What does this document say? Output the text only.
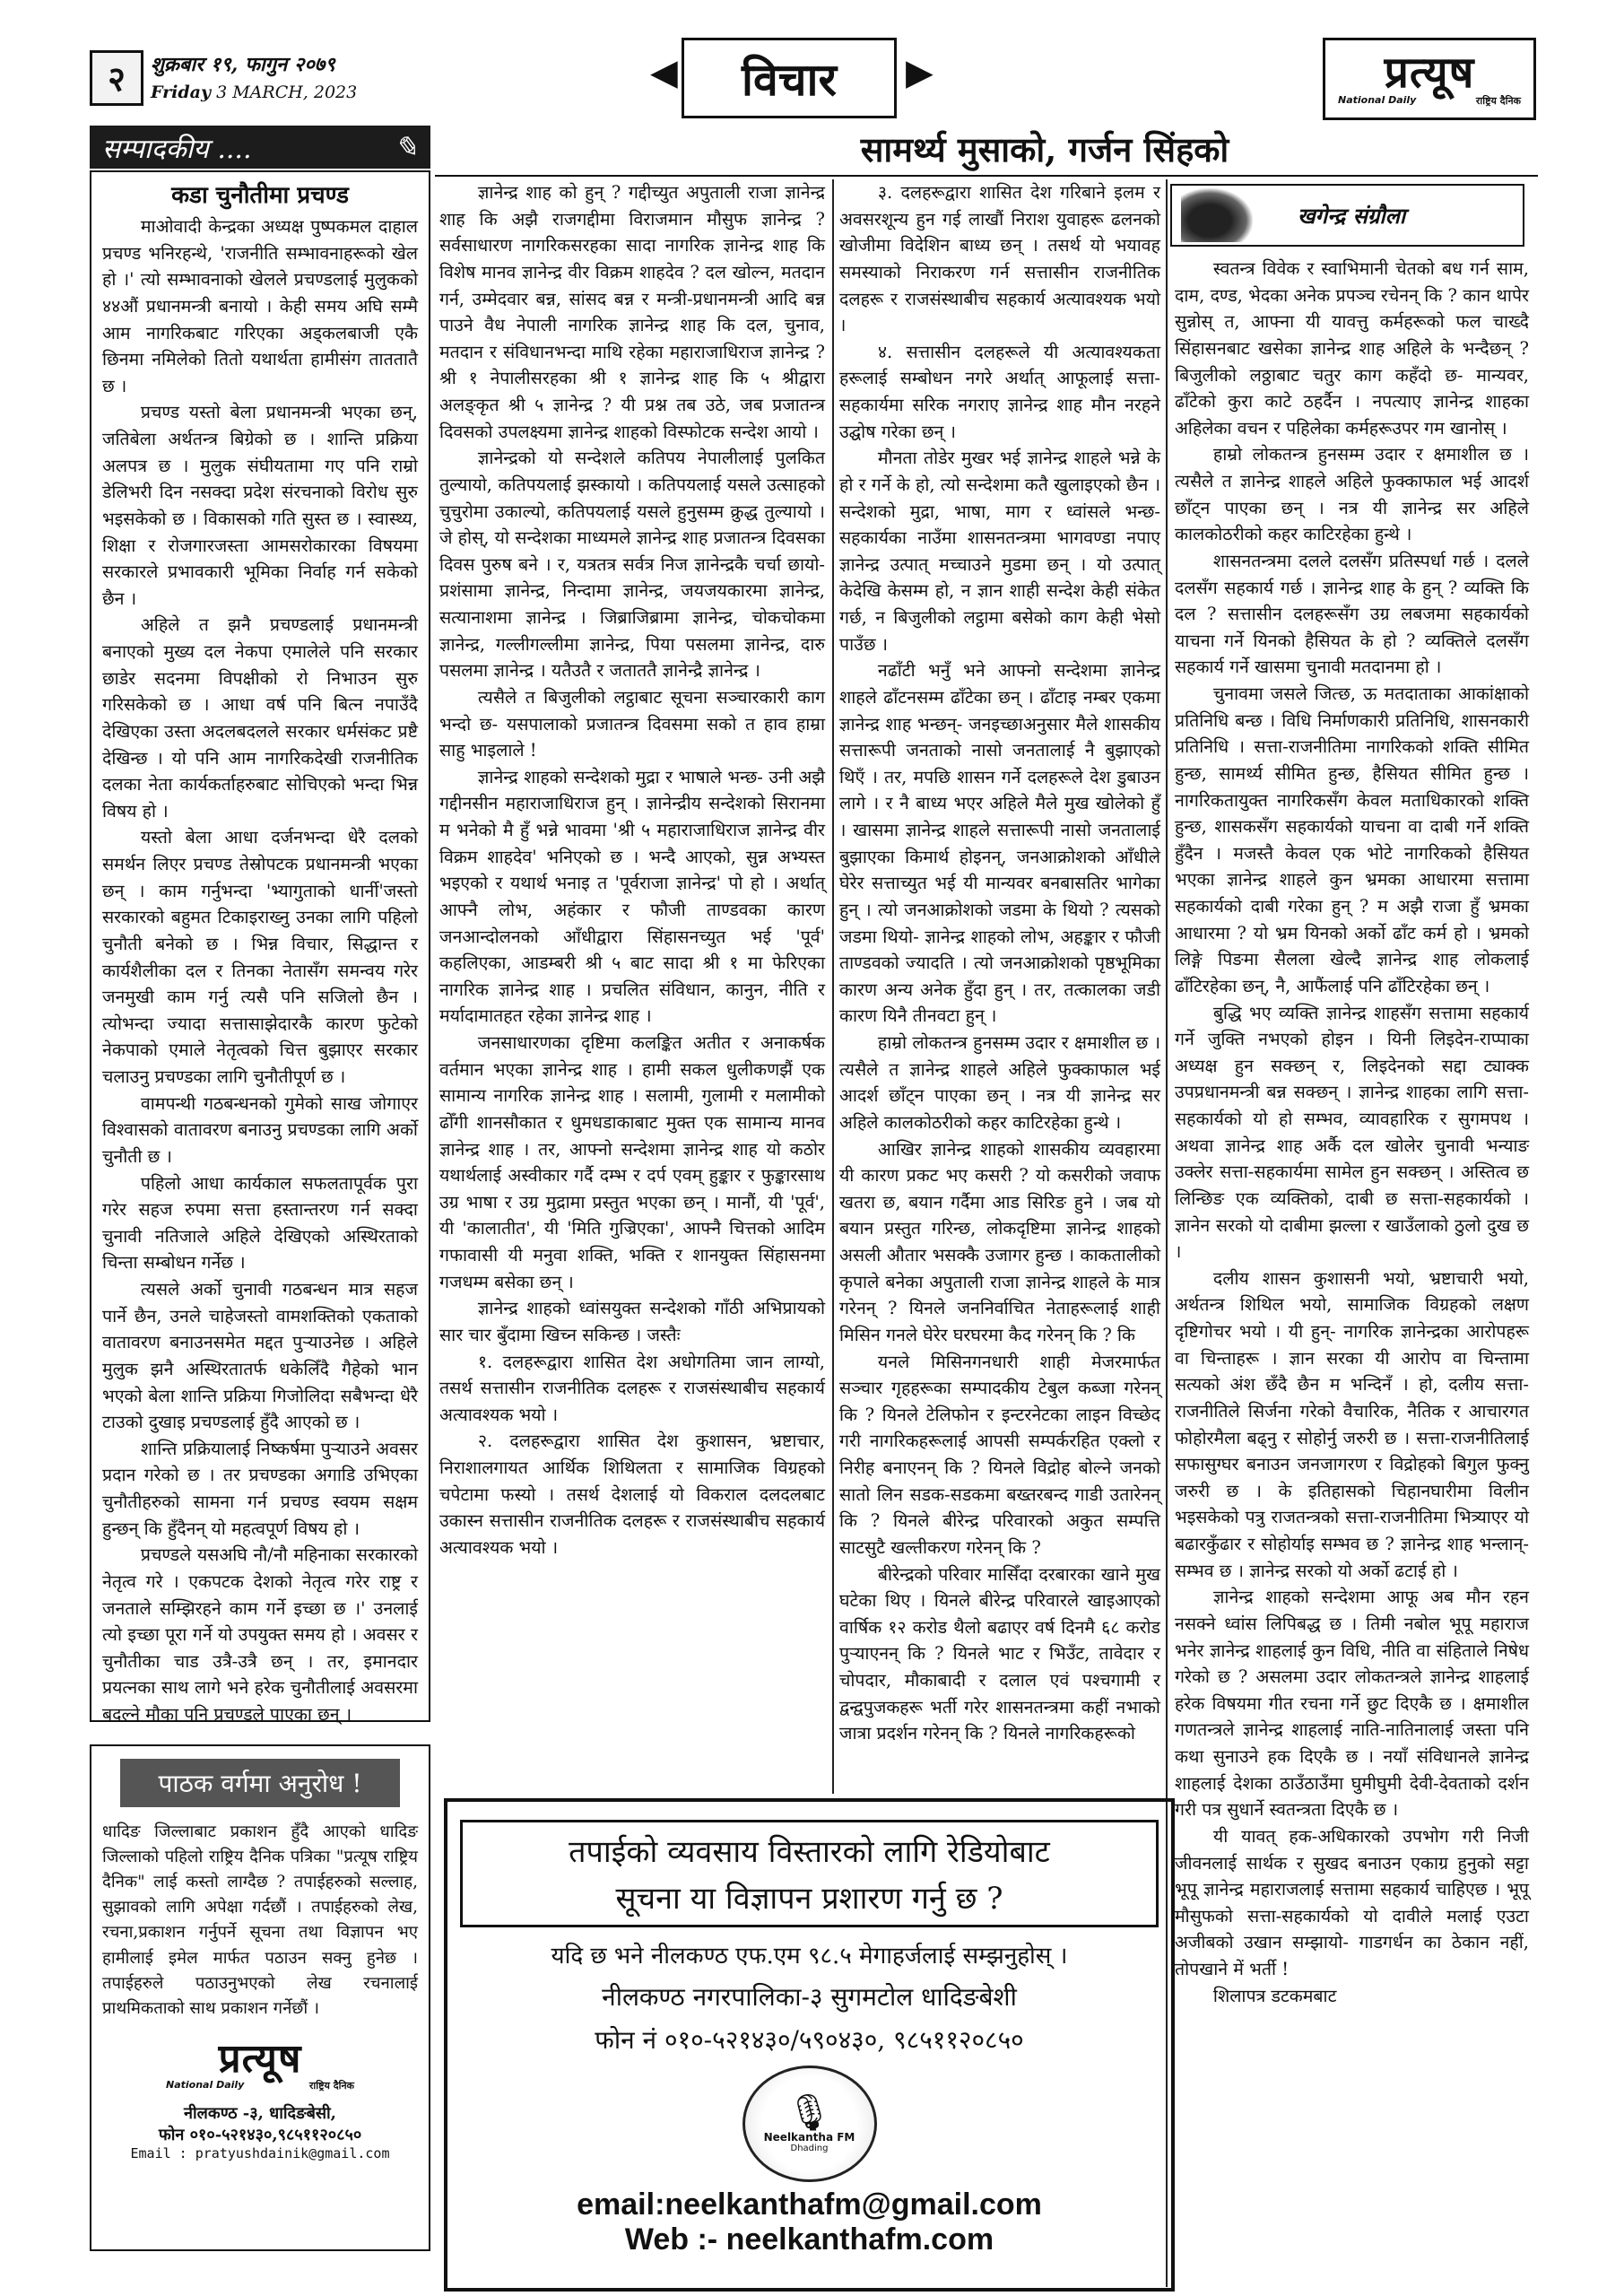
२	शुक्रबार १९, फागुन २०७९
Friday 3 MARCH, 2023	◀	विचार	▶	प्रत्यूष
National Daily	राष्ट्रिय दैनिक
सम्पादकीय ....	✎
कडा चुनौतीमा प्रचण्ड

माओवादी केन्द्रका अध्यक्ष पुष्पकमल दाहाल प्रचण्ड भनिरहन्थे, 'राजनीति सम्भावनाहरूको खेल हो ।' त्यो सम्भावनाको खेलले प्रचण्डलाई मुलुकको ४४औं प्रधानमन्त्री बनायो । केही समय अघि सम्मै आम नागरिकबाट गरिएका अड्कलबाजी एकै छिनमा नमिलेको तितो यथार्थता हामीसंग ताततातै छ ।

प्रचण्ड यस्तो बेला प्रधानमन्त्री भएका छन्, जतिबेला अर्थतन्त्र बिग्रेको छ । शान्ति प्रक्रिया अलपत्र छ । मुलुक संघीयतामा गए पनि राम्रो डेलिभरी दिन नसक्दा प्रदेश संरचनाको विरोध सुरु भइसकेको छ । विकासको गति सुस्त छ । स्वास्थ्य, शिक्षा र रोजगारजस्ता आमसरोकारका विषयमा सरकारले प्रभावकारी भूमिका निर्वाह गर्न सकेको छैन ।

अहिले त झनै प्रचण्डलाई प्रधानमन्त्री बनाएको मुख्य दल नेकपा एमालेले पनि सरकार छाडेर सदनमा विपक्षीको रो निभाउन सुरु गरिसकेको छ । आधा वर्ष पनि बित्न नपाउँदै देखिएका उस्ता अदलबदलले सरकार धर्मसंकट प्रष्टै देखिन्छ । यो पनि आम नागरिकदेखी राजनीतिक दलका नेता कार्यकर्ताहरुबाट सोचिएको भन्दा भिन्न विषय हो ।

यस्तो बेला आधा दर्जनभन्दा धेरै दलको समर्थन लिएर प्रचण्ड तेस्रोपटक प्रधानमन्त्री भएका छन् । काम गर्नुभन्दा 'भ्यागुताको धार्नी'जस्तो सरकारको बहुमत टिकाइराख्नु उनका लागि पहिलो चुनौती बनेको छ । भिन्न विचार, सिद्धान्त र कार्यशैलीका दल र तिनका नेतासँग समन्वय गरेर जनमुखी काम गर्नु त्यसै पनि सजिलो छैन । त्योभन्दा ज्यादा सत्तासाझेदारकै कारण फुटेको नेकपाको एमाले नेतृत्वको चित्त बुझाएर सरकार चलाउनु प्रचण्डका लागि चुनौतीपूर्ण छ ।

वामपन्थी गठबन्धनको गुमेको साख जोगाएर विश्वासको वातावरण बनाउनु प्रचण्डका लागि अर्को चुनौती छ ।

पहिलो आधा कार्यकाल सफलतापूर्वक पुरा गरेर सहज रुपमा सत्ता हस्तान्तरण गर्न सक्दा चुनावी नतिजाले अहिले देखिएको अस्थिरताको चिन्ता सम्बोधन गर्नेछ ।

त्यसले अर्को चुनावी गठबन्धन मात्र सहज पार्ने छैन, उनले चाहेजस्तो वामशक्तिको एकताको वातावरण बनाउनसमेत मद्दत पुऱ्याउनेछ । अहिले मुलुक झनै अस्थिरतातर्फ धकेलिँदै गैहेको भान भएको बेला शान्ति प्रक्रिया गिजोलिदा सबैभन्दा धेरै टाउको दुखाइ प्रचण्डलाई हुँदै आएको छ ।

शान्ति प्रक्रियालाई निष्कर्षमा पुऱ्याउने अवसर प्रदान गरेको छ । तर प्रचण्डका अगाडि उभिएका चुनौतीहरुको सामना गर्न प्रचण्ड स्वयम सक्षम हुन्छन् कि हुँदैनन् यो महत्वपूर्ण विषय हो ।

प्रचण्डले यसअघि नौ/नौ महिनाका सरकारको नेतृत्व गरे । एकपटक देशको नेतृत्व गरेर राष्ट्र र जनताले सम्झिरहने काम गर्ने इच्छा छ ।' उनलाई त्यो इच्छा पूरा गर्ने यो उपयुक्त समय हो । अवसर र चुनौतीका चाड उत्रै-उत्रै छन् । तर, इमानदार प्रयत्नका साथ लागे भने हरेक चुनौतीलाई अवसरमा बदल्ने मौका पनि प्रचण्डले पाएका छन् ।

पाठक वर्गमा अनुरोध !
धादिङ जिल्लाबाट प्रकाशन हुँदै आएको धादिङ जिल्लाको पहिलो राष्ट्रिय दैनिक पत्रिका "प्रत्यूष राष्ट्रिय दैनिक" लाई कस्तो लाग्दैछ ? तपाईहरुको सल्लाह, सुझावको लागि अपेक्षा गर्दछौं । तपाईहरुको लेख, रचना,प्रकाशन गर्नुपर्ने सूचना तथा विज्ञापन भए हामीलाई इमेल मार्फत पठाउन सक्नु हुनेछ । तपाईहरुले पठाउनुभएको लेख रचनालाई प्राथमिकताको साथ प्रकाशन गर्नेछौं ।
प्रत्यूष
National Daily	राष्ट्रिय दैनिक
नीलकण्ठ -३, धादिङबेसी,
फोन ०१०-५२१४३०,९८५११२०८५०
Email : pratyushdainik@gmail.com
सामर्थ्य मुसाको, गर्जन सिंहको

ज्ञानेन्द्र शाह को हुन् ? गद्दीच्युत अपुताली राजा ज्ञानेन्द्र शाह कि अझै राजगद्दीमा विराजमान मौसुफ ज्ञानेन्द्र ? सर्वसाधारण नागरिकसरहका सादा नागरिक ज्ञानेन्द्र शाह कि विशेष मानव ज्ञानेन्द्र वीर विक्रम शाहदेव ? दल खोल्न, मतदान गर्न, उम्मेदवार बन्न, सांसद बन्न र मन्त्री-प्रधानमन्त्री आदि बन्न पाउने वैध नेपाली नागरिक ज्ञानेन्द्र शाह कि दल, चुनाव, मतदान र संविधानभन्दा माथि रहेका महाराजाधिराज ज्ञानेन्द्र ? श्री १ नेपालीसरहका श्री १ ज्ञानेन्द्र शाह कि ५ श्रीद्वारा अलङ्कृत श्री ५ ज्ञानेन्द्र ? यी प्रश्न तब उठे, जब प्रजातन्त्र दिवसको उपलक्ष्यमा ज्ञानेन्द्र शाहको विस्फोटक सन्देश आयो ।

ज्ञानेन्द्रको यो सन्देशले कतिपय नेपालीलाई पुलकित तुल्यायो, कतिपयलाई झस्कायो । कतिपयलाई यसले उत्साहको चुचुरोमा उकाल्यो, कतिपयलाई यसले हुनुसम्म क्रुद्ध तुल्यायो । जे होस्, यो सन्देशका माध्यमले ज्ञानेन्द्र शाह प्रजातन्त्र दिवसका दिवस पुरुष बने । र, यत्रतत्र सर्वत्र निज ज्ञानेन्द्रकै चर्चा छायो- प्रशंसामा ज्ञानेन्द्र, निन्दामा ज्ञानेन्द्र, जयजयकारमा ज्ञानेन्द्र, सत्यानाशमा ज्ञानेन्द्र । जिब्राजिब्रामा ज्ञानेन्द्र, चोकचोकमा ज्ञानेन्द्र, गल्लीगल्लीमा ज्ञानेन्द्र, पिया पसलमा ज्ञानेन्द्र, दारु पसलमा ज्ञानेन्द्र । यतैउतै र जताततै ज्ञानेन्द्रै ज्ञानेन्द्र ।

त्यसैले त बिजुलीको लट्ठाबाट सूचना सञ्चारकारी काग भन्दो छ- यसपालाको प्रजातन्त्र दिवसमा सको त हाव हाम्रा साहु भाइलाले !

ज्ञानेन्द्र शाहको सन्देशको मुद्रा र भाषाले भन्छ- उनी अझै गद्दीनसीन महाराजाधिराज हुन् । ज्ञानेन्द्रीय सन्देशको सिरानमा म भनेको मै हुँ भन्ने भावमा 'श्री ५ महाराजाधिराज ज्ञानेन्द्र वीर विक्रम शाहदेव' भनिएको छ । भन्दै आएको, सुन्न अभ्यस्त भइएको र यथार्थ भनाइ त 'पूर्वराजा ज्ञानेन्द्र' पो हो । अर्थात् आफ्नै लोभ, अहंकार र फौजी ताण्डवका कारण जनआन्दोलनको आँधीद्वारा सिंहासनच्युत भई 'पूर्व' कहलिएका, आडम्बरी श्री ५ बाट सादा श्री १ मा फेरिएका नागरिक ज्ञानेन्द्र शाह । प्रचलित संविधान, कानुन, नीति र मर्यादामातहत रहेका ज्ञानेन्द्र शाह ।

जनसाधारणका दृष्टिमा कलङ्कित अतीत र अनाकर्षक वर्तमान भएका ज्ञानेन्द्र शाह । हामी सकल धुलीकणझैं एक सामान्य नागरिक ज्ञानेन्द्र शाह । सलामी, गुलामी र मलामीको ढोँगी शानसौकात र धुमधडाकाबाट मुक्त एक सामान्य मानव ज्ञानेन्द्र शाह । तर, आफ्नो सन्देशमा ज्ञानेन्द्र शाह यो कठोर यथार्थलाई अस्वीकार गर्दै दम्भ र दर्प एवम् हुङ्कार र फुङ्कारसाथ उग्र भाषा र उग्र मुद्रामा प्रस्तुत भएका छन् । मानौं, यी 'पूर्व', यी 'कालातीत', यी 'मिति गुज्रिएका', आफ्नै चित्तको आदिम गफावासी यी मनुवा शक्ति, भक्ति र शानयुक्त सिंहासनमा गजधम्म बसेका छन् ।

ज्ञानेन्द्र शाहको ध्वांसयुक्त सन्देशको गाँठी अभिप्रायको सार चार बुँदामा खिच्न सकिन्छ । जस्तैः

१. दलहरूद्वारा शासित देश अधोगतिमा जान लाग्यो, तसर्थ सत्तासीन राजनीतिक दलहरू र राजसंस्थाबीच सहकार्य अत्यावश्यक भयो ।

२. दलहरूद्वारा शासित देश कुशासन, भ्रष्टाचार, निराशालगायत आर्थिक शिथिलता र सामाजिक विग्रहको चपेटामा फस्यो । तसर्थ देशलाई यो विकराल दलदलबाट उकास्न सत्तासीन राजनीतिक दलहरू र राजसंस्थाबीच सहकार्य अत्यावश्यक भयो ।

३. दलहरूद्वारा शासित देश गरिबाने इलम र अवसरशून्य हुन गई लाखौं निराश युवाहरू ढलनको खोजीमा विदेशिन बाध्य छन् । तसर्थ यो भयावह समस्याको निराकरण गर्न सत्तासीन राजनीतिक दलहरू र राजसंस्थाबीच सहकार्य अत्यावश्यक भयो ।

४. सत्तासीन दलहरूले यी अत्यावश्यकता हरूलाई सम्बोधन नगरे अर्थात् आफूलाई सत्ता-सहकार्यमा सरिक नगराए ज्ञानेन्द्र शाह मौन नरहने उद्घोष गरेका छन् ।

मौनता तोडेर मुखर भई ज्ञानेन्द्र शाहले भन्ने के हो र गर्ने के हो, त्यो सन्देशमा कतै खुलाइएको छैन । सन्देशको मुद्रा, भाषा, माग र ध्वांसले भन्छ- सहकार्यका नाउँमा शासनतन्त्रमा भागवण्डा नपाए ज्ञानेन्द्र उत्पात् मच्चाउने मुडमा छन् । यो उत्पात् केदेखि केसम्म हो, न ज्ञान शाही सन्देश केही संकेत गर्छ, न बिजुलीको लट्ठामा बसेको काग केही भेसो पाउँछ ।

नढाँटी भनुँ भने आफ्नो सन्देशमा ज्ञानेन्द्र शाहले ढाँटनसम्म ढाँटेका छन् । ढाँटाइ नम्बर एकमा ज्ञानेन्द्र शाह भन्छन्- जनइच्छाअनुसार मैले शासकीय सत्तारूपी जनताको नासो जनतालाई नै बुझाएको थिएँ । तर, मपछि शासन गर्ने दलहरूले देश डुबाउन लागे । र नै बाध्य भएर अहिले मैले मुख खोलेको हुँ । खासमा ज्ञानेन्द्र शाहले सत्तारूपी नासो जनतालाई बुझाएका किमार्थ होइनन्, जनआक्रोशको आँधीले घेरेर सत्ताच्युत भई यी मान्यवर बनबासतिर भागेका हुन् । त्यो जनआक्रोशको जडमा के थियो ? त्यसको जडमा थियो- ज्ञानेन्द्र शाहको लोभ, अहङ्कार र फौजी ताण्डवको ज्यादति । त्यो जनआक्रोशको पृष्ठभूमिका कारण अन्य अनेक हुँदा हुन् । तर, तत्कालका जडी कारण यिनै तीनवटा हुन् ।

हाम्रो लोकतन्त्र हुनसम्म उदार र क्षमाशील छ । त्यसैले त ज्ञानेन्द्र शाहले अहिले फुक्काफाल भई आदर्श छाँट्न पाएका छन् । नत्र यी ज्ञानेन्द्र सर अहिले कालकोठरीको कहर काटिरहेका हुन्थे ।

आखिर ज्ञानेन्द्र शाहको शासकीय व्यवहारमा यी कारण प्रकट भए कसरी ? यो कसरीको जवाफ खतरा छ, बयान गर्दैमा आड सिरिङ हुने । जब यो बयान प्रस्तुत गरिन्छ, लोकदृष्टिमा ज्ञानेन्द्र शाहको असली औतार भसक्कै उजागर हुन्छ । काकतालीको कृपाले बनेका अपुताली राजा ज्ञानेन्द्र शाहले के मात्र गरेनन् ? यिनले जननिर्वाचित नेताहरूलाई शाही मिसिन गनले घेरेर घरघरमा कैद गरेनन् कि ? कि

यनले मिसिनगनधारी शाही मेजरमार्फत सञ्चार गृहहरूका सम्पादकीय टेबुल कब्जा गरेनन् कि ? यिनले टेलिफोन र इन्टरनेटका लाइन विच्छेद गरी नागरिकहरूलाई आपसी सम्पर्करहित एक्लो र निरीह बनाएनन् कि ? यिनले विद्रोह बोल्ने जनको सातो लिन सडक-सडकमा बख्तरबन्द गाडी उतारेनन् कि ? यिनले बीरेन्द्र परिवारको अकुत सम्पत्ति साटसुटै खल्तीकरण गरेनन् कि ?

बीरेन्द्रको परिवार मासिँदा दरबारका खाने मुख घटेका थिए । यिनले बीरेन्द्र परिवारले खाइआएको वार्षिक १२ करोड थैलो बढाएर वर्ष दिनमै ६८ करोड पुऱ्याएनन् कि ? यिनले भाट र भिउँट, तावेदार र चोपदार, मौकाबादी र दलाल एवं पश्चगामी र द्वन्द्वपुजकहरू भर्ती गरेर शासनतन्त्रमा कहीं नभाको जात्रा प्रदर्शन गरेनन् कि ? यिनले नागरिकहरूको

खगेन्द्र संग्रौला

स्वतन्त्र विवेक र स्वाभिमानी चेतको बध गर्न साम, दाम, दण्ड, भेदका अनेक प्रपञ्च रचेनन् कि ? कान थापेर सुन्नोस् त, आफ्ना यी यावत्तु कर्महरूको फल चाख्दै सिंहासनबाट खसेका ज्ञानेन्द्र शाह अहिले के भन्दैछन् ? बिजुलीको लठ्ठाबाट चतुर काग कहँदो छ- मान्यवर, ढाँटेको कुरा काटे ठहर्दैन । नपत्याए ज्ञानेन्द्र शाहका अहिलेका वचन र पहिलेका कर्महरूउपर गम खानोस् ।

हाम्रो लोकतन्त्र हुनसम्म उदार र क्षमाशील छ । त्यसैले त ज्ञानेन्द्र शाहले अहिले फुक्काफाल भई आदर्श छाँट्न पाएका छन् । नत्र यी ज्ञानेन्द्र सर अहिले कालकोठरीको कहर काटिरहेका हुन्थे ।

शासनतन्त्रमा दलले दलसँग प्रतिस्पर्धा गर्छ । दलले दलसँग सहकार्य गर्छ । ज्ञानेन्द्र शाह के हुन् ? व्यक्ति कि दल ? सत्तासीन दलहरूसँग उग्र लबजमा सहकार्यको याचना गर्ने यिनको हैसियत के हो ? व्यक्तिले दलसँग सहकार्य गर्ने खासमा चुनावी मतदानमा हो ।

चुनावमा जसले जित्छ, ऊ मतदाताका आकांक्षाको प्रतिनिधि बन्छ । विधि निर्माणकारी प्रतिनिधि, शासनकारी प्रतिनिधि । सत्ता-राजनीतिमा नागरिकको शक्ति सीमित हुन्छ, सामर्थ्य सीमित हुन्छ, हैसियत सीमित हुन्छ । नागरिकतायुक्त नागरिकसँग केवल मताधिकारको शक्ति हुन्छ, शासकसँग सहकार्यको याचना वा दाबी गर्ने शक्ति हुँदैन । मजस्तै केवल एक भोटे नागरिकको हैसियत भएका ज्ञानेन्द्र शाहले कुन भ्रमका आधारमा सत्तामा सहकार्यको दाबी गरेका हुन् ? म अझै राजा हुँ भ्रमका आधारमा ? यो भ्रम यिनको अर्को ढाँट कर्म हो । भ्रमको लिङ्गे पिङमा सैलला खेल्दै ज्ञानेन्द्र शाह लोकलाई ढाँटिरहेका छन्, नै, आफैंलाई पनि ढाँटिरहेका छन् ।

बुद्धि भए व्यक्ति ज्ञानेन्द्र शाहसँग सत्तामा सहकार्य गर्ने जुक्ति नभएको होइन । यिनी लिइदेन-राप्पाका अध्यक्ष हुन सक्छन् र, लिइदेनको सद्दा ट्याक्क उपप्रधानमन्त्री बन्न सक्छन् । ज्ञानेन्द्र शाहका लागि सत्ता-सहकार्यको यो हो सम्भव, व्यावहारिक र सुगमपथ । अथवा ज्ञानेन्द्र शाह अर्कै दल खोलेर चुनावी भन्याङ उक्लेर सत्ता-सहकार्यमा सामेल हुन सक्छन् । अस्तित्व छ लिन्छिङ एक व्यक्तिको, दाबी छ सत्ता-सहकार्यको । ज्ञानेन सरको यो दाबीमा झल्ला र खाउँलाको ठुलो दुख छ ।

दलीय शासन कुशासनी भयो, भ्रष्टाचारी भयो, अर्थतन्त्र शिथिल भयो, सामाजिक विग्रहको लक्षण दृष्टिगोचर भयो । यी हुन्- नागरिक ज्ञानेन्द्रका आरोपहरू वा चिन्ताहरू । ज्ञान सरका यी आरोप वा चिन्तामा सत्यको अंश छँदै छैन म भन्दिनँ । हो, दलीय सत्ता-राजनीतिले सिर्जना गरेको वैचारिक, नैतिक र आचारगत फोहोरमैला बढ्नु र सोहोर्नु जरुरी छ । सत्ता-राजनीतिलाई सफासुग्घर बनाउन जनजागरण र विद्रोहको बिगुल फुक्नु जरुरी छ । के इतिहासको चिहानघारीमा विलीन भइसकेको पत्रु राजतन्त्रको सत्ता-राजनीतिमा भित्र्याएर यो बढारकुँढार र सोहोर्याइ सम्भव छ ? ज्ञानेन्द्र शाह भन्लान्- सम्भव छ । ज्ञानेन्द्र सरको यो अर्को ढटाई हो ।

ज्ञानेन्द्र शाहको सन्देशमा आफू अब मौन रहन नसक्ने ध्वांस लिपिबद्ध छ । तिमी नबोल भूपू महाराज भनेर ज्ञानेन्द्र शाहलाई कुन विधि, नीति वा संहिताले निषेध गरेको छ ? असलमा उदार लोकतन्त्रले ज्ञानेन्द्र शाहलाई हरेक विषयमा गीत रचना गर्ने छुट दिएकै छ । क्षमाशील गणतन्त्रले ज्ञानेन्द्र शाहलाई नाति-नातिनालाई जस्ता पनि कथा सुनाउने हक दिएकै छ । नयाँ संविधानले ज्ञानेन्द्र शाहलाई देशका ठाउँठाउँमा घुमीघुमी देवी-देवताको दर्शन गरी पत्र सुधार्ने स्वतन्त्रता दिएकै छ ।

यी यावत् हक-अधिकारको उपभोग गरी निजी जीवनलाई सार्थक र सुखद बनाउन एकाग्र हुनुको सट्टा भूपू ज्ञानेन्द्र महाराजलाई सत्तामा सहकार्य चाहिएछ । भूपू मौसुफको सत्ता-सहकार्यको यो दावीले मलाई एउटा अजीबको उखान सम्झायो- गाडगर्धन का ठेकान नहीं, तोपखाने में भर्ती !

शिलापत्र डटकमबाट

तपाईको व्यवसाय विस्तारको लागि रेडियोबाट
सूचना या विज्ञापन प्रशारण गर्नु छ ?
यदि छ भने नीलकण्ठ एफ.एम ९८.५ मेगाहर्जलाई सम्झनुहोस् ।
नीलकण्ठ नगरपालिका-३ सुगमटोल धादिङबेशी
फोन नं ०१०-५२१४३०/५९०४३०, ९८५११२०८५०
🎙
Neelkantha FM
Dhading
email:neelkanthafm@gmail.com
Web :- neelkanthafm.com
